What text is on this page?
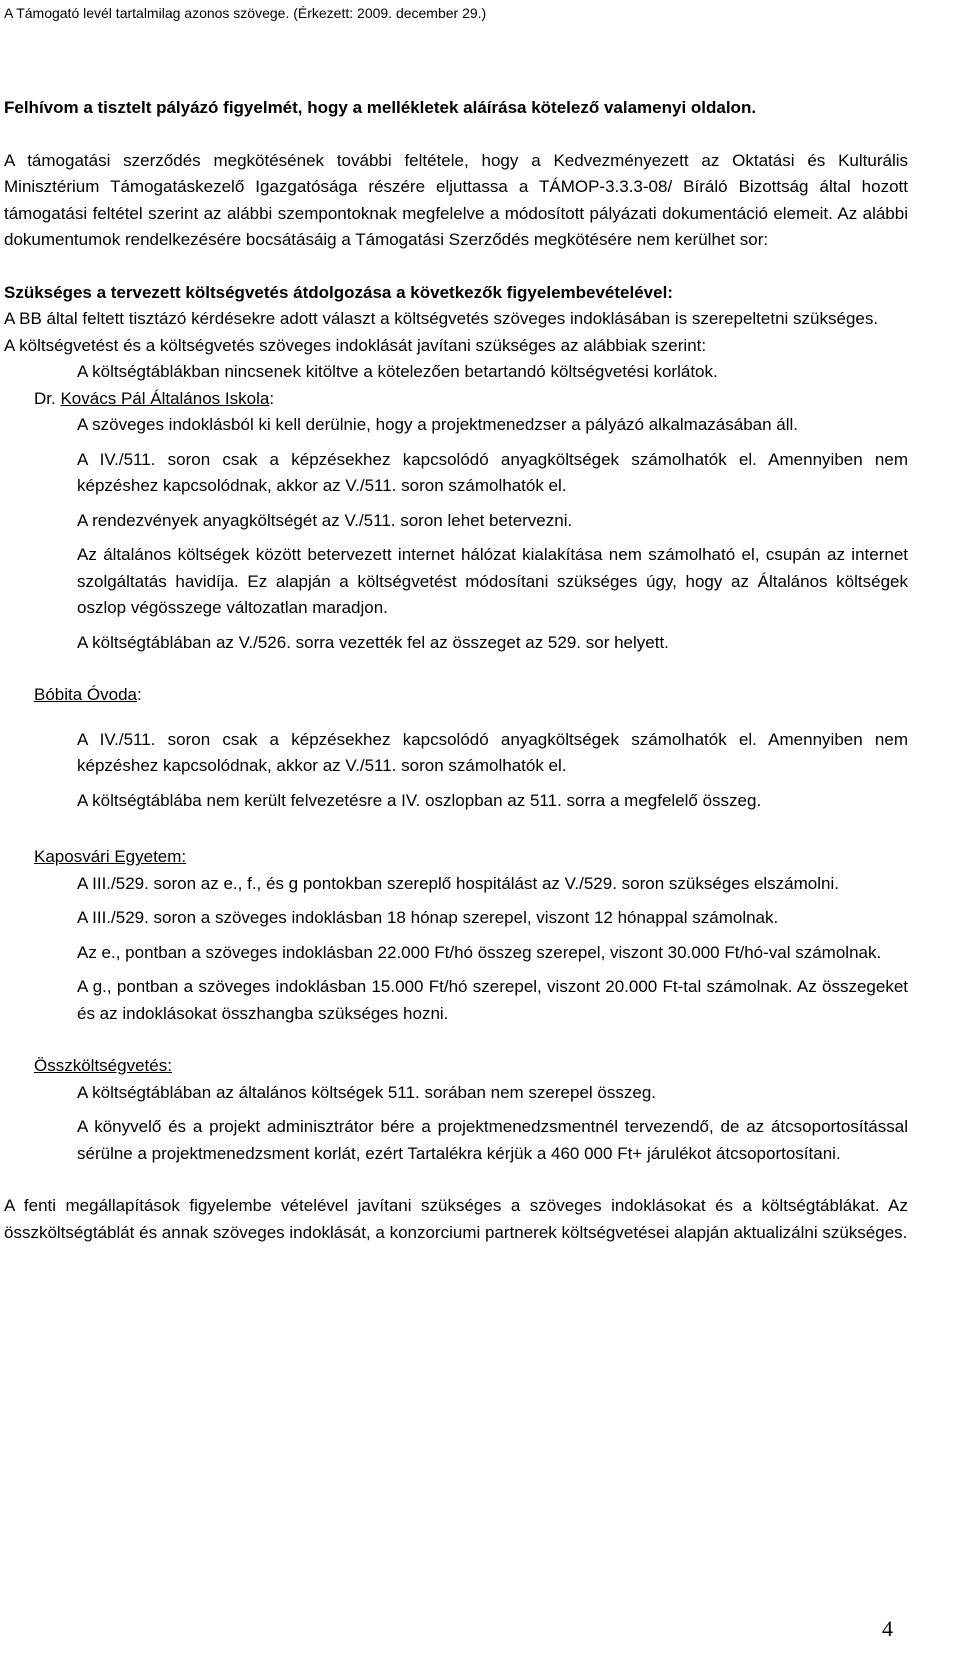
A Támogató levél tartalmilag azonos szövege. (Érkezett: 2009. december 29.)

Felhívom a tisztelt pályázó figyelmét, hogy a mellékletek aláírása kötelező valamenyi oldalon.

A támogatási szerződés megkötésének további feltétele, hogy a Kedvezményezett az Oktatási és Kulturális Minisztérium Támogatáskezelő Igazgatósága részére eljuttassa a TÁMOP-3.3.3-08/ Bíráló Bizottság által hozott támogatási feltétel szerint az alábbi szempontoknak megfelelve a módosított pályázati dokumentáció elemeit. Az alábbi dokumentumok rendelkezésére bocsátásáig a Támogatási Szerződés megkötésére nem kerülhet sor:

Szükséges a tervezett költségvetés átdolgozása a következők figyelembevételével:

A BB által feltett tisztázó kérdésekre adott választ a költségvetés szöveges indoklásában is szerepeltetni szükséges.

A költségvetést és a költségvetés szöveges indoklását javítani szükséges az alábbiak szerint:

A költségtáblákban nincsenek kitöltve a kötelezően betartandó költségvetési korlátok.

Dr. Kovács Pál Általános Iskola:

A szöveges indoklásból ki kell derülnie, hogy a projektmenedzser a pályázó alkalmazásában áll.

A IV./511. soron csak a képzésekhez kapcsolódó anyagköltségek számolhatók el. Amennyiben nem képzéshez kapcsolódnak, akkor az V./511. soron számolhatók el.

A rendezvények anyagköltségét az V./511. soron lehet betervezni.

Az általános költségek között betervezett internet hálózat kialakítása nem számolható el, csupán az internet szolgáltatás havidíja. Ez alapján a költségvetést módosítani szükséges úgy, hogy az Általános költségek oszlop végösszege változatlan maradjon.

A költségtáblában az V./526. sorra vezették fel az összeget az 529. sor helyett.

Bóbita Óvoda:

A IV./511. soron csak a képzésekhez kapcsolódó anyagköltségek számolhatók el. Amennyiben nem képzéshez kapcsolódnak, akkor az V./511. soron számolhatók el.

A költségtáblába nem került felvezetésre a IV. oszlopban az 511. sorra a megfelelő összeg.

Kaposvári Egyetem:

A III./529. soron az e., f., és g pontokban szereplő hospitálást az V./529. soron szükséges elszámolni.

A III./529. soron a szöveges indoklásban 18 hónap szerepel, viszont 12 hónappal számolnak.

Az e., pontban a szöveges indoklásban 22.000 Ft/hó összeg szerepel, viszont 30.000 Ft/hó-val számolnak.

A g., pontban a szöveges indoklásban 15.000 Ft/hó szerepel, viszont 20.000 Ft-tal számolnak. Az összegeket és az indoklásokat összhangba szükséges hozni.

Összköltségvetés:

A költségtáblában az általános költségek 511. sorában nem szerepel összeg.

A könyvelő és a projekt adminisztrátor bére a projektmenedzsmentnél tervezendő, de az átcsoportosítással sérülne a projektmenedzsment korlát, ezért Tartalékra kérjük a 460 000 Ft+ járulékot átcsoportosítani.

A fenti megállapítások figyelembe vételével javítani szükséges a szöveges indoklásokat és a költségtáblákat. Az összköltségtáblát és annak szöveges indoklását, a konzorciumi partnerek költségvetései alapján aktualizálni szükséges.

4
